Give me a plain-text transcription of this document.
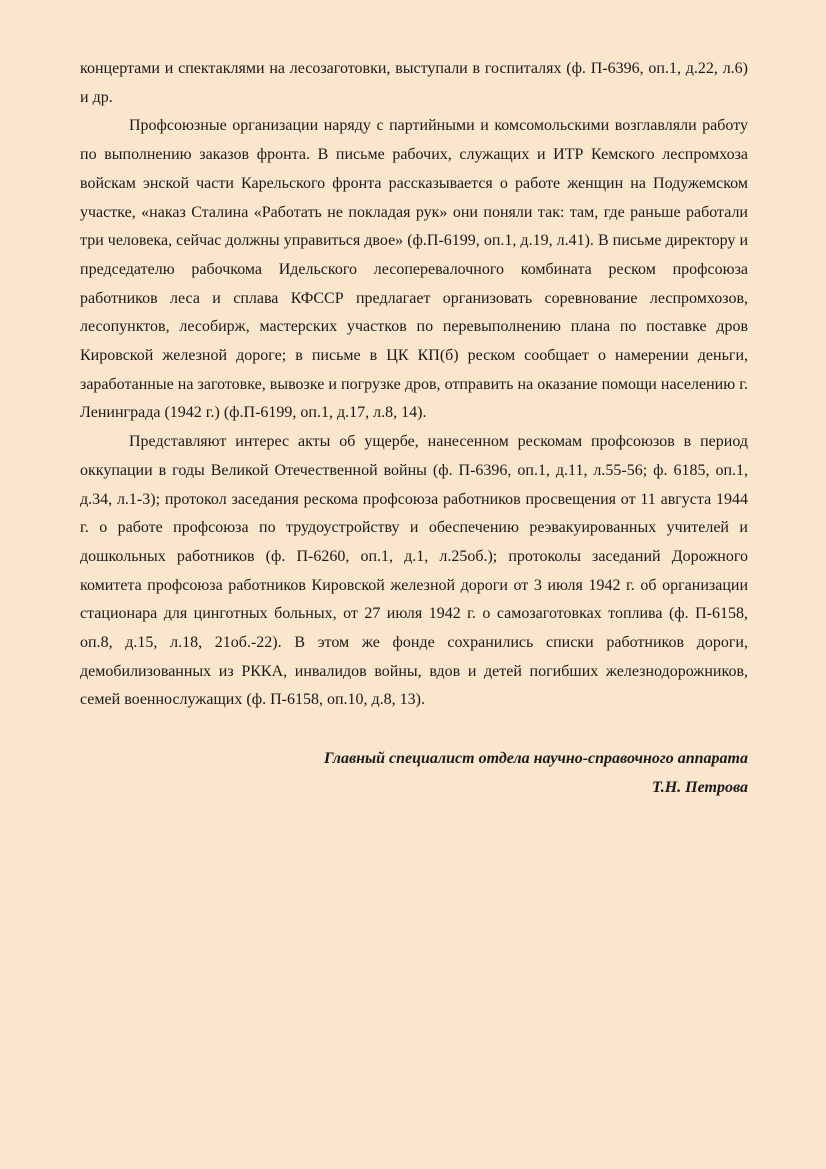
концертами и спектаклями на лесозаготовки, выступали в госпиталях (ф. П-6396, оп.1, д.22, л.6) и др.

Профсоюзные организации наряду с партийными и комсомольскими возглавляли работу по выполнению заказов фронта. В письме рабочих, служащих и ИТР Кемского леспромхоза войскам энской части Карельского фронта рассказывается о работе женщин на Подужемском участке, «наказ Сталина «Работать не покладая рук» они поняли так: там, где раньше работали три человека, сейчас должны управиться двое» (ф.П-6199, оп.1, д.19, л.41). В письме директору и председателю рабочкома Идельского лесоперевалочного комбината реском профсоюза работников леса и сплава КФССР предлагает организовать соревнование леспромхозов, лесопунктов, лесобирж, мастерских участков по перевыполнению плана по поставке дров Кировской железной дороге; в письме в ЦК КП(б) реском сообщает о намерении деньги, заработанные на заготовке, вывозке и погрузке дров, отправить на оказание помощи населению г. Ленинграда (1942 г.) (ф.П-6199, оп.1, д.17, л.8, 14).

Представляют интерес акты об ущербе, нанесенном рескомам профсоюзов в период оккупации в годы Великой Отечественной войны (ф. П-6396, оп.1, д.11, л.55-56; ф. 6185, оп.1, д.34, л.1-3); протокол заседания рескома профсоюза работников просвещения от 11 августа 1944 г. о работе профсоюза по трудоустройству и обеспечению реэвакуированных учителей и дошкольных работников (ф. П-6260, оп.1, д.1, л.25об.); протоколы заседаний Дорожного комитета профсоюза работников Кировской железной дороги от 3 июля 1942 г. об организации стационара для цинготных больных, от 27 июля 1942 г. о самозаготовках топлива (ф. П-6158, оп.8, д.15, л.18, 21об.-22). В этом же фонде сохранились списки работников дороги, демобилизованных из РККА, инвалидов войны, вдов и детей погибших железнодорожников, семей военнослужащих (ф. П-6158, оп.10, д.8, 13).

Главный специалист отдела научно-справочного аппарата
Т.Н. Петрова
